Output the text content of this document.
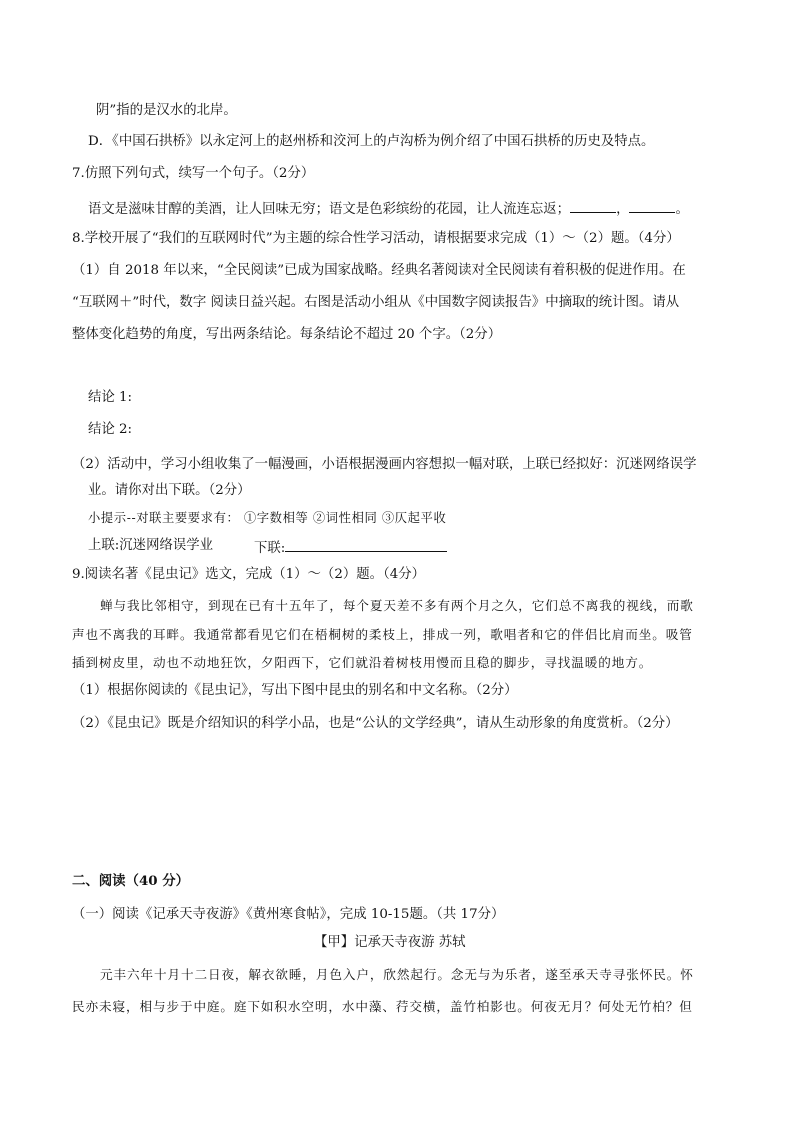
阴”指的是汉水的北岸。
D．《中国石拱桥》以永定河上的赵州桥和洨河上的卢沟桥为例介绍了中国石拱桥的历史及特点。
7.仿照下列句式，续写一个句子。（2分）
语文是滋味甘醇的美酒，让人回味无穷；语文是色彩缤纷的花园，让人流连忘返；	，	。
8.学校开展了“我们的互联网时代”为主题的综合性学习活动，请根据要求完成（1）～（2）题。（4分）
（1）自 2018 年以来，“全民阅读”已成为国家战略。经典名著阅读对全民阅读有着积极的促进作用。在
“互联网＋”时代，数字 阅读日益兴起。右图是活动小组从《中国数字阅读报告》中摘取的统计图。请从
整体变化趋势的角度，写出两条结论。每条结论不超过 20 个字。（2分）
结论 1:
结论 2:
（2）活动中，学习小组收集了一幅漫画，小语根据漫画内容想拟一幅对联，上联已经拟好：沉迷网络误学
业。请你对出下联。（2分）
小提示--对联主要要求有： ①字数相等 ②词性相同 ③仄起平收
上联:沉迷网络误学业	下联:
9.阅读名著《昆虫记》选文，完成（1）～（2）题。（4分）
蝉与我比邻相守，到现在已有十五年了，每个夏天差不多有两个月之久，它们总不离我的视线，而歌
声也不离我的耳畔。我通常都看见它们在梧桐树的柔枝上，排成一列，歌唱者和它的伴侣比肩而坐。吸管
插到树皮里，动也不动地狂饮，夕阳西下，它们就沿着树枝用慢而且稳的脚步，寻找温暖的地方。
（1）根据你阅读的《昆虫记》，写出下图中昆虫的别名和中文名称。（2分）
（2）《昆虫记》既是介绍知识的科学小品，也是“公认的文学经典”，请从生动形象的角度赏析。（2分）
二、阅读（40 分）
（一）阅读《记承天寺夜游》《黄州寒食帖》，完成 10-15题。（共 17分）
【甲】记承天寺夜游 苏轼
元丰六年十月十二日夜，解衣欲睡，月色入户，欣然起行。念无与为乐者，遂至承天寺寻张怀民。怀
民亦未寝，相与步于中庭。庭下如积水空明，水中藻、荇交横，盖竹柏影也。何夜无月？何处无竹柏？但
